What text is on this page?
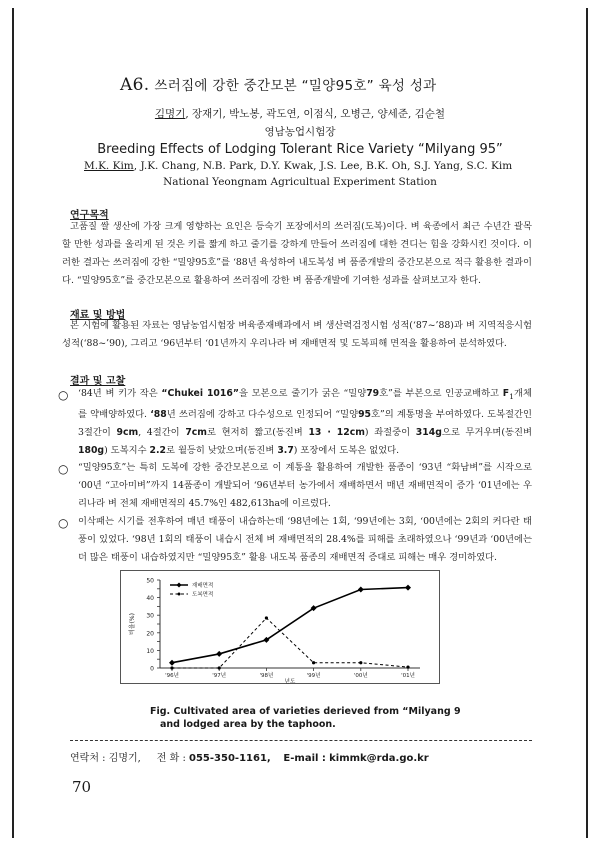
A6. 쓰러짐에 강한 중간모본 “밀양95호” 육성 성과
김명기, 장재기, 박노봉, 곽도연, 이점식, 오병근, 양세준, 김순철
영남농업시험장
Breeding Effects of Lodging Tolerant Rice Variety “Milyang 95”
M.K. Kim, J.K. Chang, N.B. Park, D.Y. Kwak, J.S. Lee, B.K. Oh, S.J. Yang, S.C. Kim
National Yeongnam Agricultual Experiment Station
연구목적
고품질 쌀 생산에 가장 크게 영향하는 요인은 등숙기 포장에서의 쓰러짐(도복)이다. 벼 육종에서 최근 수년간 괄목할 만한 성과를 올리게 된 것은 키를 짧게 하고 줄기를 강하게 만들어 쓰러짐에 대한 견디는 힘을 강화시킨 것이다. 이러한 결과는 쓰러짐에 강한 “밀양95호”를 ‘88년 육성하여 내도복성 벼 품종개발의 중간모본으로 적극 활용한 결과이다. “밀양95호”를 중간모본으로 활용하여 쓰러짐에 강한 벼 품종개발에 기여한 성과를 살펴보고자 한다.
재료 및 방법
본 시험에 활용된 자료는 영남농업시험장 벼육종재배과에서 벼 생산력검정시험 성적(‘87~’88)과 벼 지역적응시험 성적(‘88~’90), 그리고 ‘96년부터 ‘01년까지 우리나라 벼 재배면적 및 도복피해 면적을 활용하여 분석하였다.
결과 및 고찰
○ ‘84년 벼 키가 작은 “Chukei 1016”을 모본으로 줄기가 굵은 “밀양79호”를 부본으로 인공교배하고 $F_1$개체를 약배양하였다. ‘88년 쓰러짐에 강하고 다수성으로 인정되어 “밀양95호”의 계통명을 부여하였다. 도복절간인 3절간이 9cm, 4절간이 7cm로 현저히 짧고(동진벼 13 · 12cm) 좌절중이 314g으로 무거우며(동진벼 180g) 도복지수 2.2로 월등히 낮았으며(동진벼 3.7) 포장에서 도복은 없었다.
○ “밀양95호”는 특히 도복에 강한 중간모본으로 이 계통을 활용하여 개발한 품종이 ‘93년 “화남벼”를 시작으로 ‘00년 “고아미벼”까지 14품종이 개발되어 ‘96년부터 농가에서 재배하면서 매년 재배면적이 증가 ‘01년에는 우리나라 벼 전체 재배면적의 45.7%인 482,613ha에 이르렀다.
○ 이삭패는 시기를 전후하여 매년 태풍이 내습하는데 ‘98년에는 1회, ‘99년에는 3회, ‘00년에는 2회의 커다란 태풍이 있었다. ‘98년 1회의 태풍이 내습시 전체 벼 재배면적의 28.4%를 피해를 초래하였으나 ‘99년과 ‘00년에는 더 많은 태풍이 내습하였지만 “밀양95호” 활용 내도복 품종의 재배면적 증대로 피해는 매우 경미하였다.
0
10
20
30
40
50
'96년	'97년	'98년	'99년	'00년	'01년
년도
비율(%)
재배면적
도복면적
Fig. Cultivated area of varieties derieved from “Milyang 9
and lodged area by the taphoon.
연락처 : 김명기, 전 화 : 055-350-1161, E-mail : kimmk@rda.go.kr
70
